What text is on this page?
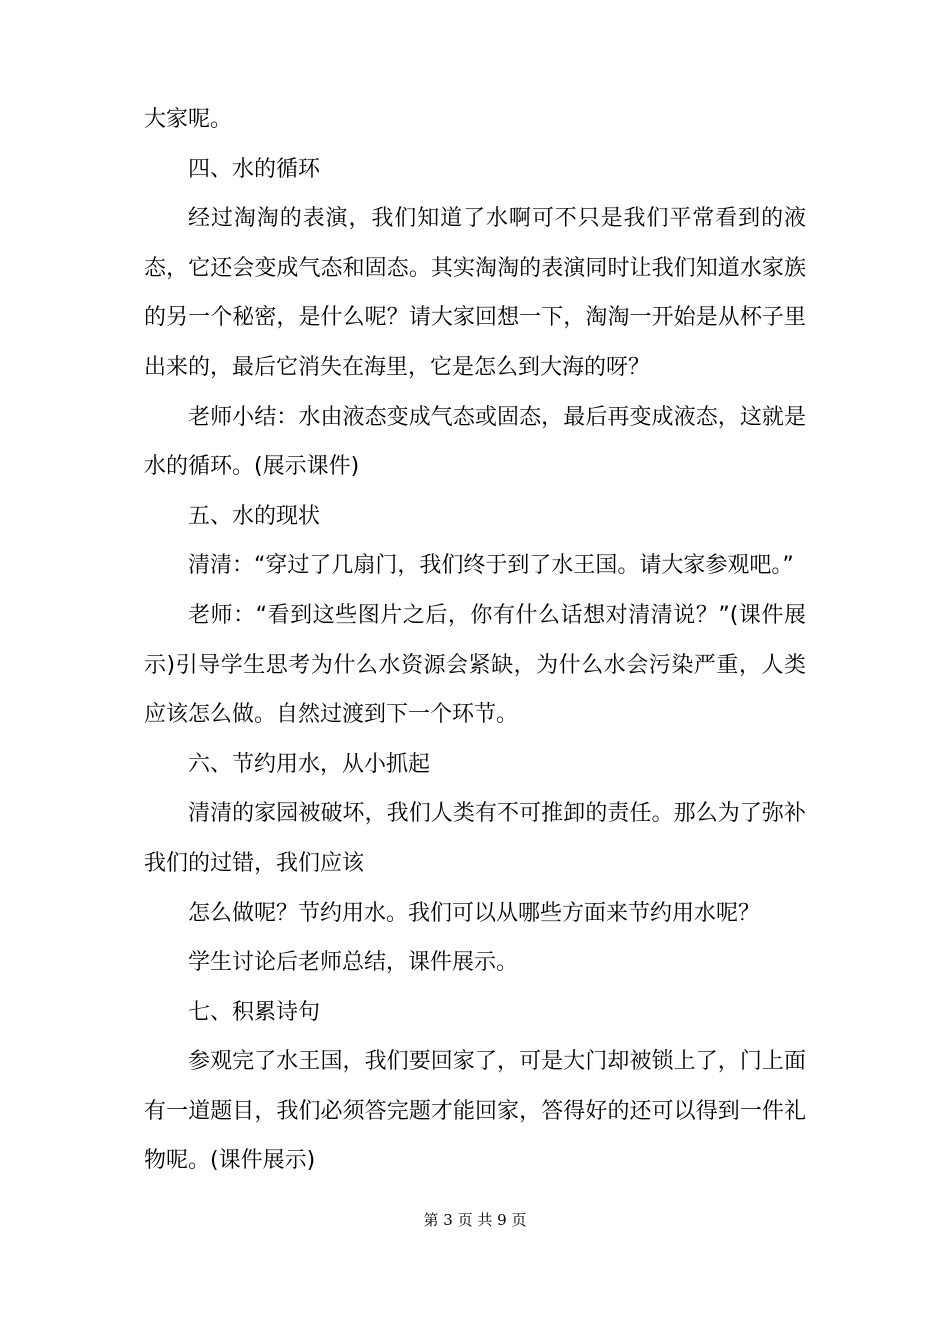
大家呢。

四、水的循环

经过淘淘的表演，我们知道了水啊可不只是我们平常看到的液态，它还会变成气态和固态。其实淘淘的表演同时让我们知道水家族的另一个秘密，是什么呢？请大家回想一下，淘淘一开始是从杯子里出来的，最后它消失在海里，它是怎么到大海的呀？

老师小结：水由液态变成气态或固态，最后再变成液态，这就是水的循环。(展示课件)

五、水的现状

清清：“穿过了几扇门，我们终于到了水王国。请大家参观吧。”

老师：“看到这些图片之后，你有什么话想对清清说？”(课件展示)引导学生思考为什么水资源会紧缺，为什么水会污染严重，人类应该怎么做。自然过渡到下一个环节。

六、节约用水，从小抓起

清清的家园被破坏，我们人类有不可推卸的责任。那么为了弥补我们的过错，我们应该

怎么做呢？节约用水。我们可以从哪些方面来节约用水呢？

学生讨论后老师总结，课件展示。

七、积累诗句

参观完了水王国，我们要回家了，可是大门却被锁上了，门上面有一道题目，我们必须答完题才能回家，答得好的还可以得到一件礼物呢。(课件展示)

第 3 页 共 9 页
